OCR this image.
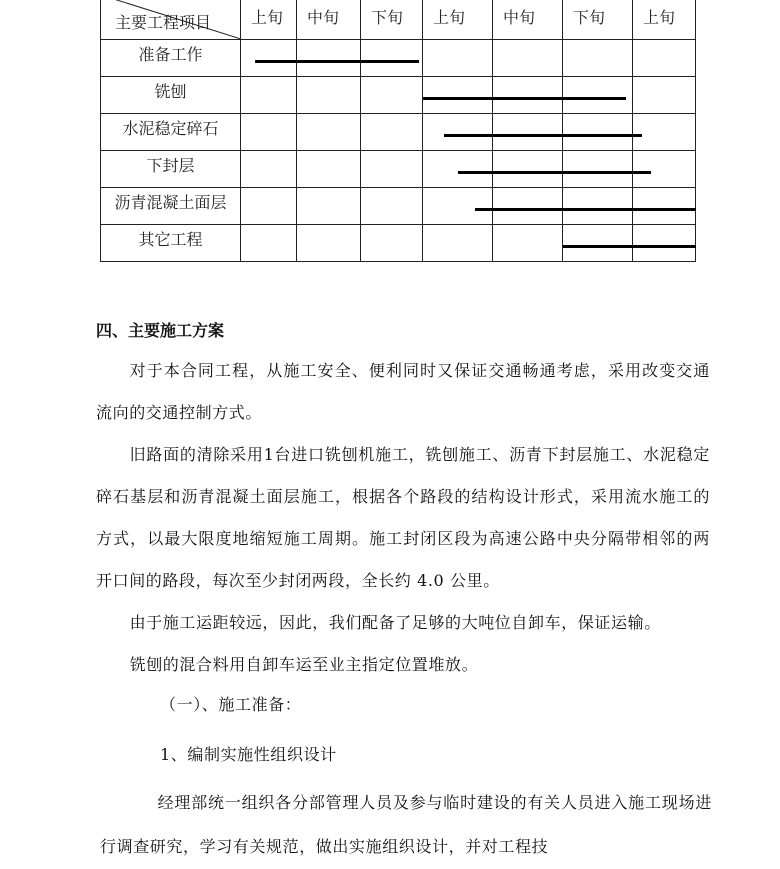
主要工程项目	上旬	中旬	下旬	上旬	中旬	下旬	上旬

准备工作							

铣刨							

水泥稳定碎石							

下封层							

沥青混凝土面层							

其它工程							

四、主要施工方案

对于本合同工程，从施工安全、便利同时又保证交通畅通考虑，采用改变交通流向的交通控制方式。

旧路面的清除采用1台进口铣刨机施工，铣刨施工、沥青下封层施工、水泥稳定碎石基层和沥青混凝土面层施工，根据各个路段的结构设计形式，采用流水施工的方式，以最大限度地缩短施工周期。施工封闭区段为高速公路中央分隔带相邻的两开口间的路段，每次至少封闭两段，全长约 4.0 公里。

由于施工运距较远，因此，我们配备了足够的大吨位自卸车，保证运输。

铣刨的混合料用自卸车运至业主指定位置堆放。

（一）、施工准备：
1、编制实施性组织设计

经理部统一组织各分部管理人员及参与临时建设的有关人员进入施工现场进行调查研究，学习有关规范，做出实施组织设计，并对工程技
